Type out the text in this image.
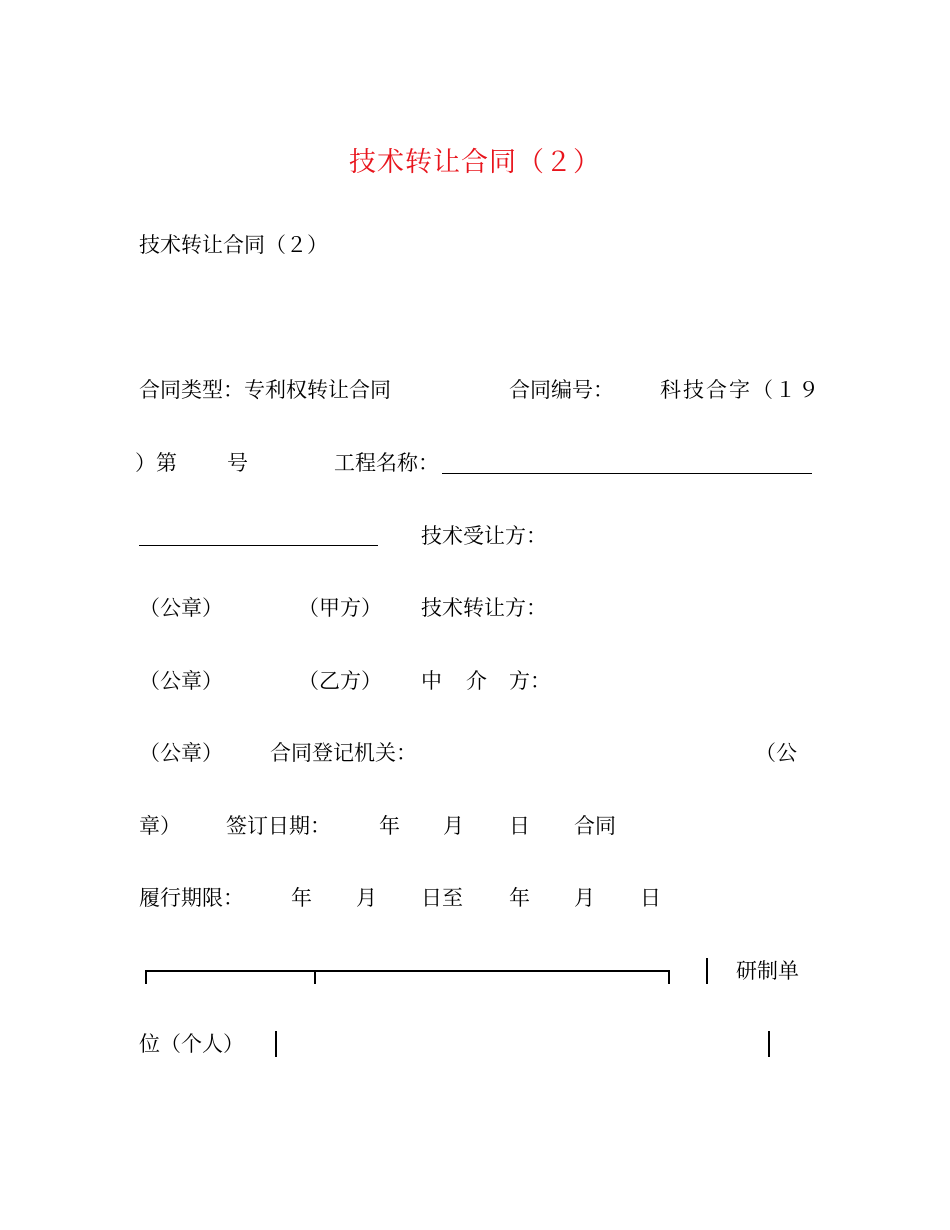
技术转让合同（２）
技术转让合同（２）
合同类型：专利权转让合同	合同编号： 科技合字（１９
）第 号	工程名称：
技术受让方：
（公章）	（甲方） 技术转让方：
（公章）	（乙方） 中 介 方：
（公章） 合同登记机关：	（公
章） 签订日期： 年 月 日 合同
履行期限： 年 月 日至 年 月 日
研制单
位（个人）
